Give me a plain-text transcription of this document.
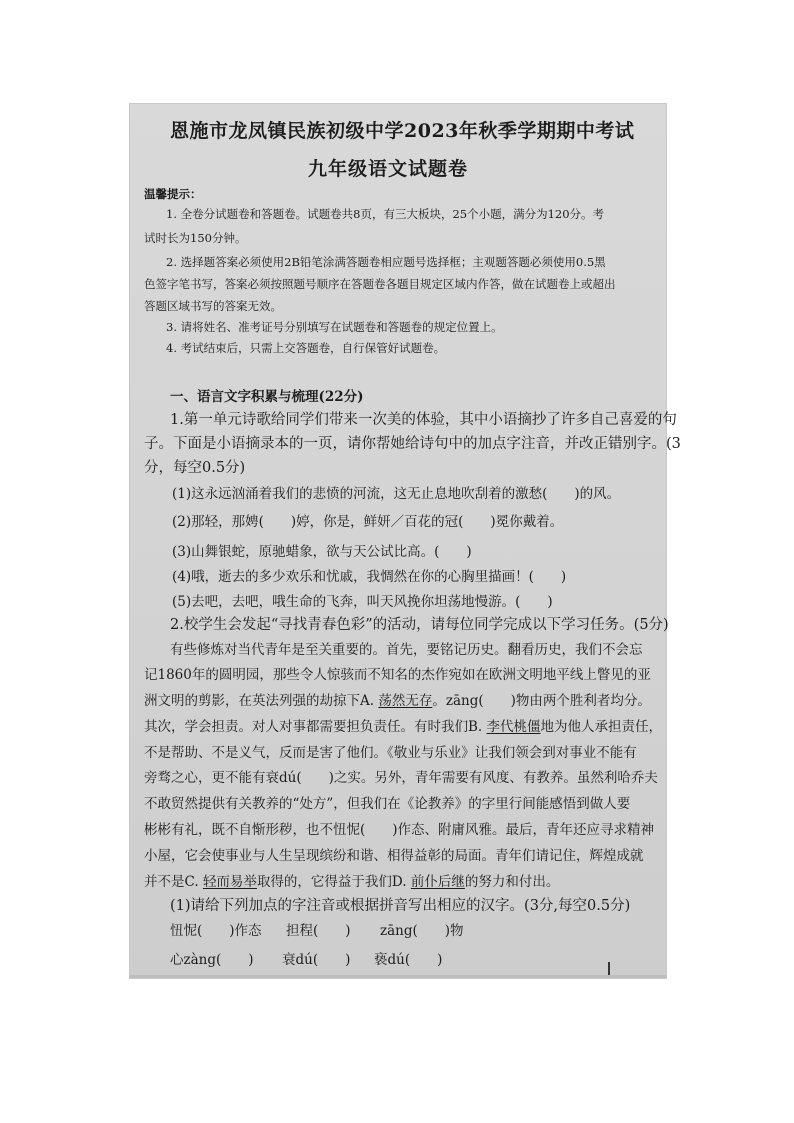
恩施市龙凤镇民族初级中学2023年秋季学期期中考试
九年级语文试题卷
温馨提示：
1. 全卷分试题卷和答题卷。试题卷共8页，有三大板块，25个小题，满分为120分。考
试时长为150分钟。
2. 选择题答案必须使用2B铅笔涂满答题卷相应题号选择框；主观题答题必须使用0.5黑
色签字笔书写，答案必须按照题号顺序在答题卷各题目规定区域内作答，做在试题卷上或超出
答题区域书写的答案无效。
3. 请将姓名、准考证号分别填写在试题卷和答题卷的规定位置上。
4. 考试结束后，只需上交答题卷，自行保管好试题卷。
一、语言文字积累与梳理(22分)
1.第一单元诗歌给同学们带来一次美的体验，其中小语摘抄了许多自己喜爱的句
子。下面是小语摘录本的一页，请你帮她给诗句中的加点字注音，并改正错别字。(3
分，每空0.5分)
(1)这永远汹涌着我们的悲愤的河流，这无止息地吹刮着的激愁(　　)的风。
(2)那轻，那娉(　　)婷，你是，鲜妍／百花的冠(　　)冕你戴着。
(3)山舞银蛇，原驰蜡象，欲与天公试比高。(　　)
(4)哦，逝去的多少欢乐和忧戚，我惆然在你的心胸里描画！(　　)
(5)去吧，去吧，哦生命的飞奔，叫天风挽你坦荡地慢游。(　　)
2.校学生会发起“寻找青春色彩”的活动，请每位同学完成以下学习任务。(5分)
有些修炼对当代青年是至关重要的。首先，要铭记历史。翻看历史，我们不会忘
记1860年的圆明园，那些令人惊骇而不知名的杰作宛如在欧洲文明地平线上瞥见的亚
洲文明的剪影，在英法列强的劫掠下A. 荡然无存。zāng(　　)物由两个胜利者均分。
其次，学会担责。对人对事都需要担负责任。有时我们B. 李代桃僵地为他人承担责任，
不是帮助、不是义气，反而是害了他们。《敬业与乐业》让我们领会到对事业不能有
旁骛之心，更不能有衰dú(　　)之实。另外，青年需要有风度、有教养。虽然利哈乔夫
不敢贸然提供有关教养的“处方”，但我们在《论教养》的字里行间能感悟到做人要
彬彬有礼，既不自惭形秽，也不忸怩(　　)作态、附庸风雅。最后，青年还应寻求精神
小屋，它会使事业与人生呈现缤纷和谐、相得益彰的局面。青年们请记住，辉煌成就
并不是C. 轻而易举取得的，它得益于我们D. 前仆后继的努力和付出。
(1)请给下列加点的字注音或根据拼音写出相应的汉字。(3分,每空0.5分)
忸怩(　　)作态 担程(　　) zāng(　　)物
心zàng(　　) 衰dú(　　) 亵dú(　　)
